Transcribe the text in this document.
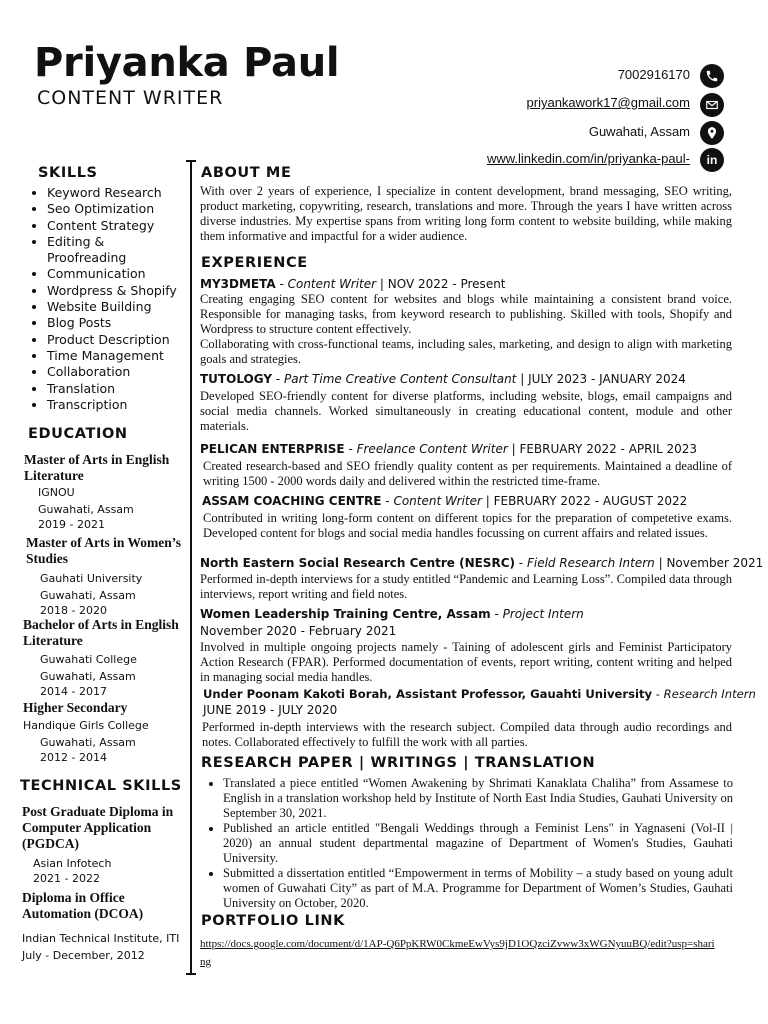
Priyanka Paul
CONTENT WRITER
7002916170
priyankawork17@gmail.com
Guwahati, Assam
www.linkedin.com/in/priyanka-paul- in
SKILLS
• Keyword Research
• Seo Optimization
• Content Strategy
• Editing & Proofreading
• Communication
• Wordpress & Shopify
• Website Building
• Blog Posts
• Product Description
• Time Management
• Collaboration
• Translation
• Transcription
EDUCATION
Master of Arts in English Literature
IGNOU
Guwahati, Assam
2019 - 2021
Master of Arts in Women’s Studies
Gauhati University
Guwahati, Assam
2018 - 2020
Bachelor of Arts in English Literature
Guwahati College
Guwahati, Assam
2014 - 2017
Higher Secondary
Handique Girls College
Guwahati, Assam
2012 - 2014
TECHNICAL SKILLS
Post Graduate Diploma in Computer Application (PGDCA)
Asian Infotech
2021 - 2022
Diploma in Office Automation (DCOA)
Indian Technical Institute, ITI
July - December, 2012
ABOUT ME
With over 2 years of experience, I specialize in content development, brand messaging, SEO writing, product marketing, copywriting, research, translations and more. Through the years I have written across diverse industries. My expertise spans from writing long form content to website building, while making them informative and impactful for a wider audience.
EXPERIENCE
MY3DMETA - Content Writer | NOV 2022 - Present
Creating engaging SEO content for websites and blogs while maintaining a consistent brand voice. Responsible for managing tasks, from keyword research to publishing. Skilled with tools, Shopify and Wordpress to structure content effectively.
Collaborating with cross-functional teams, including sales, marketing, and design to align with marketing goals and strategies.
TUTOLOGY - Part Time Creative Content Consultant | JULY 2023 - JANUARY 2024
Developed SEO-friendly content for diverse platforms, including website, blogs, email campaigns and social media channels. Worked simultaneously in creating educational content, module and other materials.
PELICAN ENTERPRISE - Freelance Content Writer | FEBRUARY 2022 - APRIL 2023
Created research-based and SEO friendly quality content as per requirements. Maintained a deadline of writing 1500 - 2000 words daily and delivered within the restricted time-frame.
ASSAM COACHING CENTRE - Content Writer | FEBRUARY 2022 - AUGUST 2022
Contributed in writing long-form content on different topics for the preparation of competetive exams. Developed content for blogs and social media handles focussing on current affairs and related issues.
North Eastern Social Research Centre (NESRC) - Field Research Intern | November 2021
Performed in-depth interviews for a study entitled “Pandemic and Learning Loss”. Compiled data through interviews, report writing and field notes.
Women Leadership Training Centre, Assam - Project Intern
November 2020 - February 2021
Involved in multiple ongoing projects namely - Taining of adolescent girls and Feminist Participatory Action Research (FPAR). Performed documentation of events, report writing, content writing and helped in managing social media handles.
Under Poonam Kakoti Borah, Assistant Professor, Gauahti University - Research Intern
JUNE 2019 - JULY 2020
Performed in-depth interviews with the research subject. Compiled data through audio recordings and notes. Collaborated effectively to fulfill the work with all parties.
RESEARCH PAPER | WRITINGS | TRANSLATION
• Translated a piece entitled “Women Awakening by Shrimati Kanaklata Chaliha” from Assamese to English in a translation workshop held by Institute of North East India Studies, Gauhati University on September 30, 2021.
• Published an article entitled "Bengali Weddings through a Feminist Lens" in Yagnaseni (Vol-II | 2020) an annual student departmental magazine of Department of Women's Studies, Gauhati University.
• Submitted a dissertation entitled “Empowerment in terms of Mobility – a study based on young adult women of Guwahati City” as part of M.A. Programme for Department of Women’s Studies, Gauhati University on October, 2020.
PORTFOLIO LINK
https://docs.google.com/document/d/1AP-Q6PpKRW0CkmeEwVys9jD1OQzciZvww3xWGNyuuBQ/edit?usp=sharing
